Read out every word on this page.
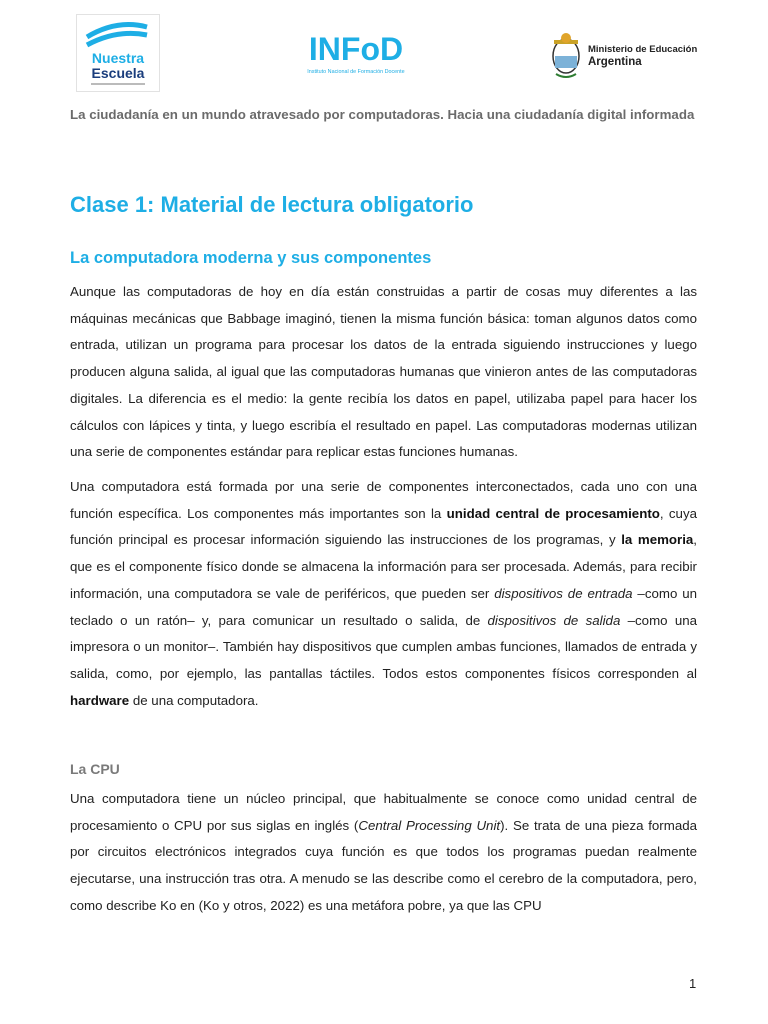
Nuestra
Escuela
INFoD
Instituto Nacional de Formación Docente
Ministerio de Educación
Argentina
La ciudadanía en un mundo atravesado por computadoras. Hacia una ciudadanía digital informada
Clase 1: Material de lectura obligatorio
La computadora moderna y sus componentes
Aunque las computadoras de hoy en día están construidas a partir de cosas muy diferentes a las máquinas mecánicas que Babbage imaginó, tienen la misma función básica: toman algunos datos como entrada, utilizan un programa para procesar los datos de la entrada siguiendo instrucciones y luego producen alguna salida, al igual que las computadoras humanas que vinieron antes de las computadoras digitales. La diferencia es el medio: la gente recibía los datos en papel, utilizaba papel para hacer los cálculos con lápices y tinta, y luego escribía el resultado en papel. Las computadoras modernas utilizan una serie de componentes estándar para replicar estas funciones humanas.
Una computadora está formada por una serie de componentes interconectados, cada uno con una función específica. Los componentes más importantes son la unidad central de procesamiento, cuya función principal es procesar información siguiendo las instrucciones de los programas, y la memoria, que es el componente físico donde se almacena la información para ser procesada. Además, para recibir información, una computadora se vale de periféricos, que pueden ser dispositivos de entrada –como un teclado o un ratón– y, para comunicar un resultado o salida, de dispositivos de salida –como una impresora o un monitor–. También hay dispositivos que cumplen ambas funciones, llamados de entrada y salida, como, por ejemplo, las pantallas táctiles. Todos estos componentes físicos corresponden al hardware de una computadora.
La CPU
Una computadora tiene un núcleo principal, que habitualmente se conoce como unidad central de procesamiento o CPU por sus siglas en inglés (Central Processing Unit). Se trata de una pieza formada por circuitos electrónicos integrados cuya función es que todos los programas puedan realmente ejecutarse, una instrucción tras otra. A menudo se las describe como el cerebro de la computadora, pero, como describe Ko en (Ko y otros, 2022) es una metáfora pobre, ya que las CPU
1
